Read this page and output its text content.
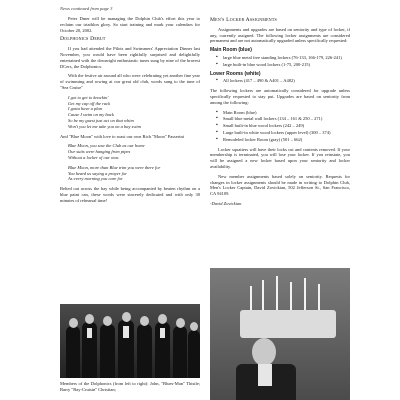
News continued from page 3

Peter Dmer will be managing the Dolphin Club's effort this year to reclaim our triathlon glory. So start training and mark your calendars for October 20, 2002.

Dolphonics Debut

If you had attended the Pilots and Swimmers' Appreciation Dinner last November, you would have been rightfully surprised and delightfully entertained with the downright enthusiastic tunes sung by nine of the bravest DCers, the Dolphonics.

With the festive air around all who were celebrating yet another fine year of swimming and rowing at our great old club, words sung to the tune of "Sea Cruise"

I got to get to knockin'
Get my cap off the rack
I gotta have a plan
Cause I swim on my back
So be my guest just act on that whim
Won't you let me take you on a bay swim

And "Blue Moon" with love to roast our own Rich "Moon" Passerini

Blue Moon, you saw the Club as our home
Our suits were hanging from pipes
Without a locker of our own.
Blue Moon, more than Blue trim you were there for
You heard us saying a prayer for
As every morning you care for

Belted out across the bay while being accompanied by beaten rhythm on a blue paint can, these words were sincerely dedicated and with only 30 minutes of rehearsal time!

Members of the Dolphonics (from left to right): John, "Blues-Man" Thistle; Barry "Bay-Cruisin" Christian;
Men's Locker Assignments

Assignments and upgrades are based on seniority and type of locker, if any, currently assigned. The following locker assignments are considered permanent and are not automatically upgraded unless specifically requested:

Main Room (blue)
▪ large blue metal free standing lockers (76-133, 166-179, 226-241)
▪ large built-in blue wood lockers (1-75, 200-215)
Lower Rooms (white)
▪ All lockers (417 – 490 & A401 – A482)

The following lockers are automatically considered for upgrade unless specifically requested to stay put. Upgrades are based on seniority from among the following:

▪ Main Room (blue)
▪ Small blue metal wall lockers (134 – 161 & 250 – 271)
▪ Small built-in blue wood lockers (242 – 249)
▪ Large built-in white wood lockers (upper level) (300 – 374)
▪ Remodeled locker Room (gray) (501 – 662)

Locker squatters will have their locks cut and contents removed. If your membership is terminated, you will lose your locker. If you reinstate, you will be assigned a new locker based upon your seniority and locker availability.

New member assignments based solely on seniority. Requests for changes in locker assignments should be made in writing to Dolphin Club, Men's Locker Captain, David Zovickian, 502 Jefferson St., San Francisco, CA 94109.

-David Zovickian
